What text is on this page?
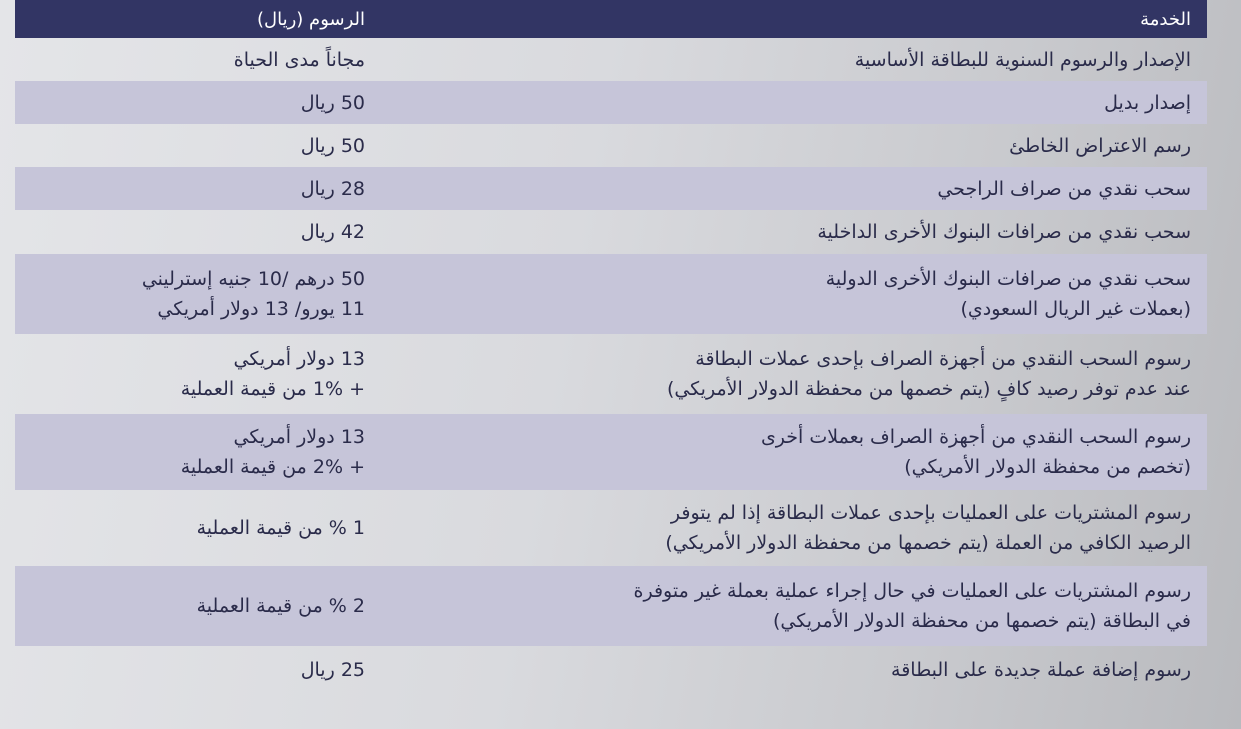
الخدمة
الرسوم (ريال)
الإصدار والرسوم السنوية للبطاقة الأساسية
مجاناً مدى الحياة
إصدار بديل
50 ريال
رسم الاعتراض الخاطئ
50 ريال
سحب نقدي من صراف الراجحي
28 ريال
سحب نقدي من صرافات البنوك الأخرى الداخلية
42 ريال
سحب نقدي من صرافات البنوك الأخرى الدولية
(بعملات غير الريال السعودي)
50 درهم /10 جنيه إسترليني
11 يورو/ 13 دولار أمريكي
رسوم السحب النقدي من أجهزة الصراف بإحدى عملات البطاقة
عند عدم توفر رصيد كافٍ (يتم خصمها من محفظة الدولار الأمريكي)
13 دولار أمريكي
+ 1% من قيمة العملية
رسوم السحب النقدي من أجهزة الصراف بعملات أخرى
(تخصم من محفظة الدولار الأمريكي)
13 دولار أمريكي
+ 2% من قيمة العملية
رسوم المشتريات على العمليات بإحدى عملات البطاقة إذا لم يتوفر
الرصيد الكافي من العملة (يتم خصمها من محفظة الدولار الأمريكي)
1 % من قيمة العملية
رسوم المشتريات على العمليات في حال إجراء عملية بعملة غير متوفرة
في البطاقة (يتم خصمها من محفظة الدولار الأمريكي)
2 % من قيمة العملية
رسوم إضافة عملة جديدة على البطاقة
25 ريال
